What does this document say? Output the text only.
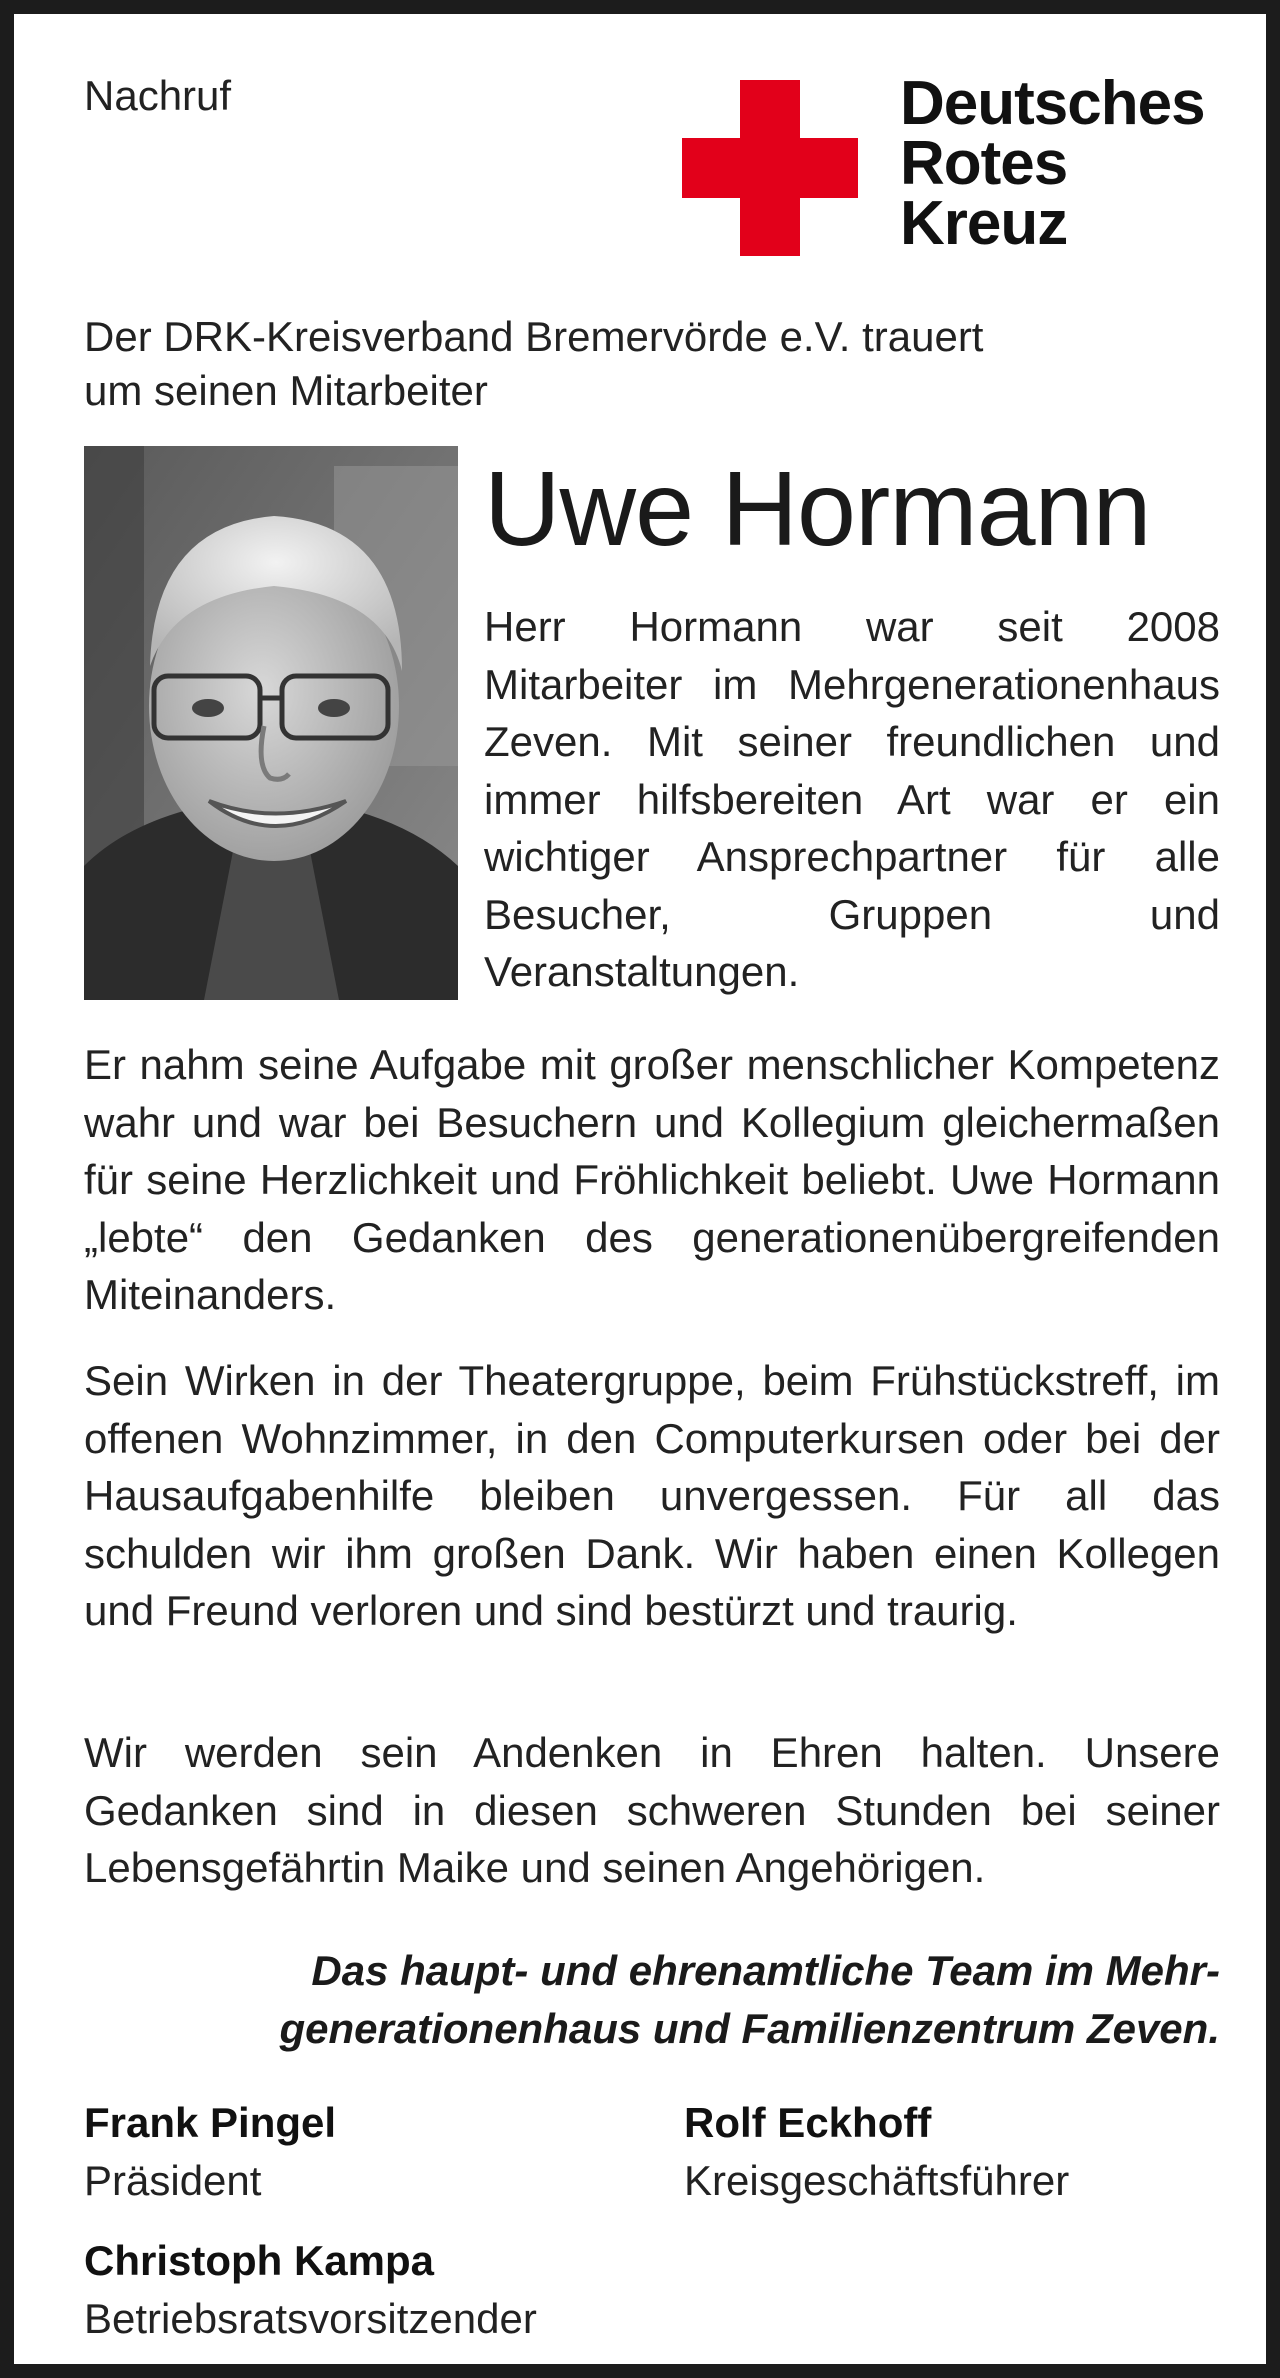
Nachruf	Deutsches
Rotes
Kreuz
Der DRK-Kreisverband Bremervörde e.V. trauert
um seinen Mitarbeiter
Uwe Hormann
Herr Hormann war seit 2008 Mitarbeiter im Mehrgenerationenhaus Zeven. Mit seiner freundlichen und immer hilfsbereiten Art war er ein wichtiger Ansprechpartner für alle Besucher, Gruppen und Veranstaltungen.
Er nahm seine Aufgabe mit großer menschlicher Kompetenz wahr und war bei Besuchern und Kollegium gleichermaßen für seine Herzlichkeit und Fröhlichkeit beliebt. Uwe Hormann „lebte“ den Gedanken des generationenübergreifenden Miteinanders.
Sein Wirken in der Theatergruppe, beim Frühstückstreff, im offenen Wohnzimmer, in den Computerkursen oder bei der Hausaufgabenhilfe bleiben unvergessen. Für all das schulden wir ihm großen Dank. Wir haben einen Kollegen und Freund verloren und sind bestürzt und traurig.
Wir werden sein Andenken in Ehren halten. Unsere Gedanken sind in diesen schweren Stunden bei seiner Lebensgefährtin Maike und seinen Angehörigen.
Das haupt- und ehrenamtliche Team im Mehr-
generationenhaus und Familienzentrum Zeven.
Frank Pingel
Präsident
Rolf Eckhoff
Kreisgeschäftsführer
Christoph Kampa
Betriebsratsvorsitzender
